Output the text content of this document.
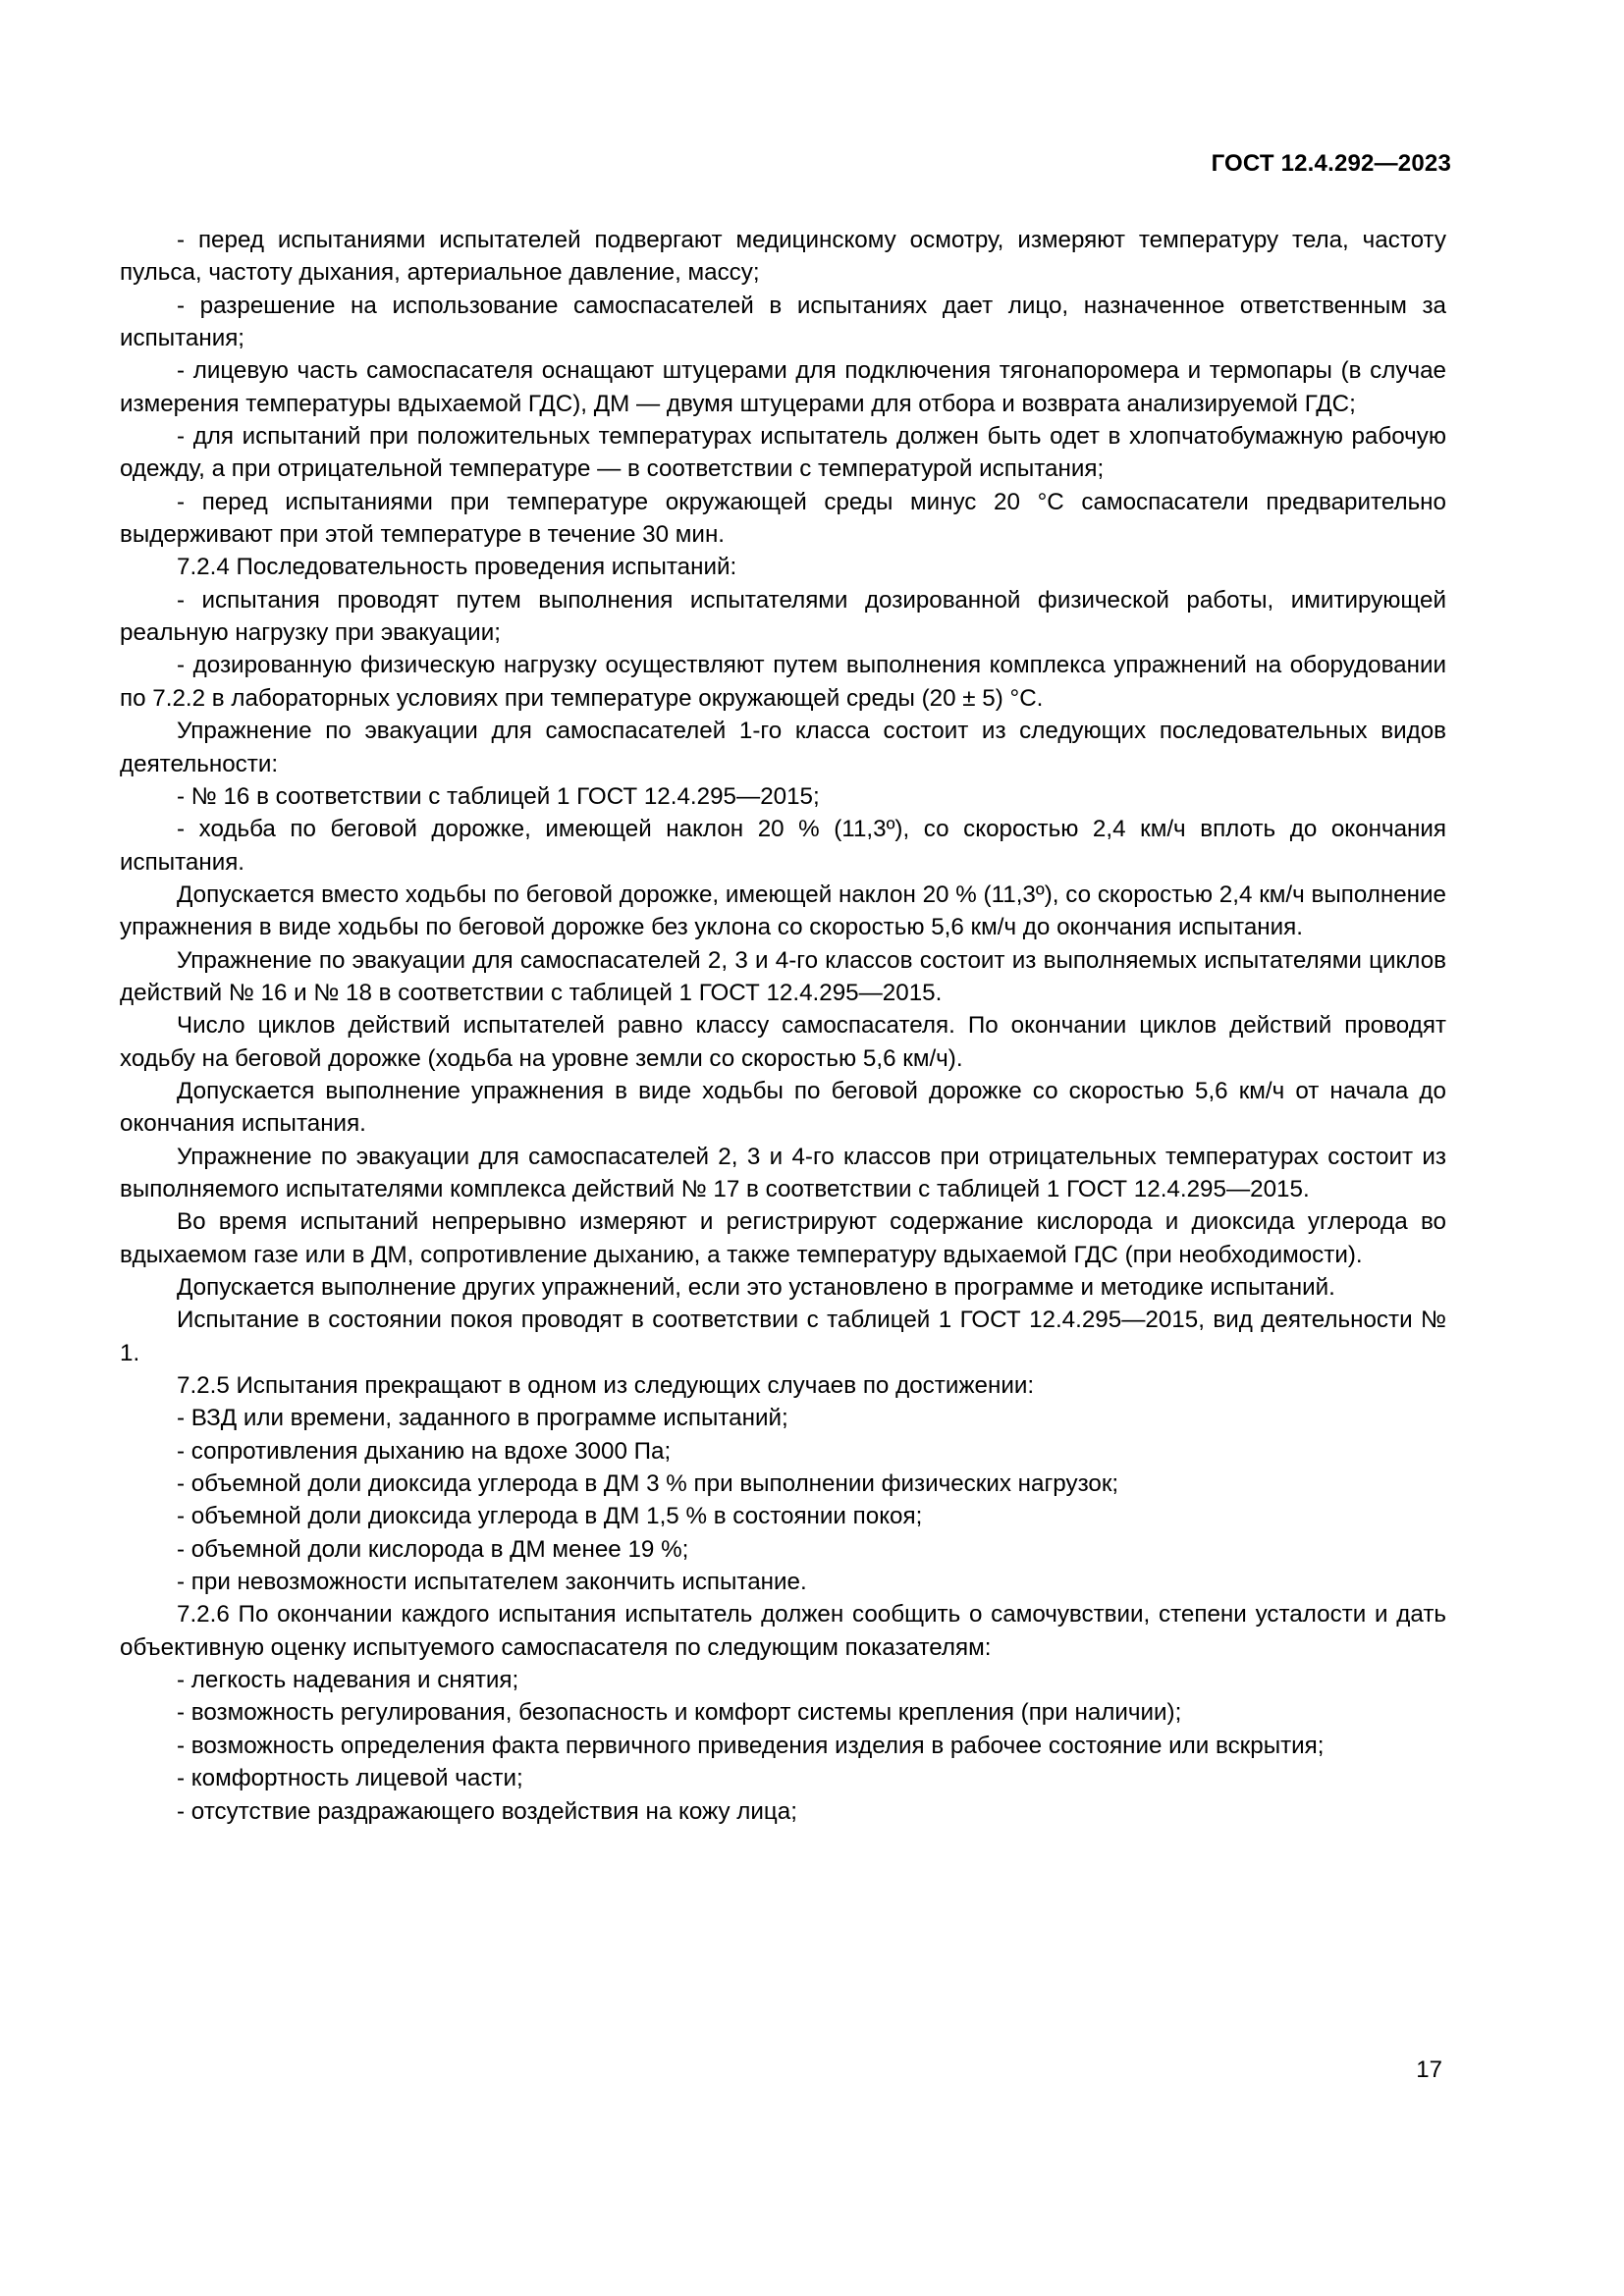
ГОСТ 12.4.292—2023

- перед испытаниями испытателей подвергают медицинскому осмотру, измеряют температуру тела, частоту пульса, частоту дыхания, артериальное давление, массу;

- разрешение на использование самоспасателей в испытаниях дает лицо, назначенное ответственным за испытания;

- лицевую часть самоспасателя оснащают штуцерами для подключения тягонапоромера и термопары (в случае измерения температуры вдыхаемой ГДС), ДМ — двумя штуцерами для отбора и возврата анализируемой ГДС;

- для испытаний при положительных температурах испытатель должен быть одет в хлопчатобумажную рабочую одежду, а при отрицательной температуре — в соответствии с температурой испытания;

- перед испытаниями при температуре окружающей среды минус 20 °С самоспасатели предварительно выдерживают при этой температуре в течение 30 мин.

7.2.4 Последовательность проведения испытаний:

- испытания проводят путем выполнения испытателями дозированной физической работы, имитирующей реальную нагрузку при эвакуации;

- дозированную физическую нагрузку осуществляют путем выполнения комплекса упражнений на оборудовании по 7.2.2 в лабораторных условиях при температуре окружающей среды (20 ± 5) °С.

Упражнение по эвакуации для самоспасателей 1-го класса состоит из следующих последовательных видов деятельности:

- № 16 в соответствии с таблицей 1 ГОСТ 12.4.295—2015;

- ходьба по беговой дорожке, имеющей наклон 20 % (11,3º), со скоростью 2,4 км/ч вплоть до окончания испытания.

Допускается вместо ходьбы по беговой дорожке, имеющей наклон 20 % (11,3º), со скоростью 2,4 км/ч выполнение упражнения в виде ходьбы по беговой дорожке без уклона со скоростью 5,6 км/ч до окончания испытания.

Упражнение по эвакуации для самоспасателей 2, 3 и 4-го классов состоит из выполняемых испытателями циклов действий № 16 и № 18 в соответствии с таблицей 1 ГОСТ 12.4.295—2015.

Число циклов действий испытателей равно классу самоспасателя. По окончании циклов действий проводят ходьбу на беговой дорожке (ходьба на уровне земли со скоростью 5,6 км/ч).

Допускается выполнение упражнения в виде ходьбы по беговой дорожке со скоростью 5,6 км/ч от начала до окончания испытания.

Упражнение по эвакуации для самоспасателей 2, 3 и 4-го классов при отрицательных температурах состоит из выполняемого испытателями комплекса действий № 17 в соответствии с таблицей 1 ГОСТ 12.4.295—2015.

Во время испытаний непрерывно измеряют и регистрируют содержание кислорода и диоксида углерода во вдыхаемом газе или в ДМ, сопротивление дыханию, а также температуру вдыхаемой ГДС (при необходимости).

Допускается выполнение других упражнений, если это установлено в программе и методике испытаний.

Испытание в состоянии покоя проводят в соответствии с таблицей 1 ГОСТ 12.4.295—2015, вид деятельности № 1.

7.2.5 Испытания прекращают в одном из следующих случаев по достижении:

- ВЗД или времени, заданного в программе испытаний;

- сопротивления дыханию на вдохе 3000 Па;

- объемной доли диоксида углерода в ДМ 3 % при выполнении физических нагрузок;

- объемной доли диоксида углерода в ДМ 1,5 % в состоянии покоя;

- объемной доли кислорода в ДМ менее 19 %;

- при невозможности испытателем закончить испытание.

7.2.6 По окончании каждого испытания испытатель должен сообщить о самочувствии, степени усталости и дать объективную оценку испытуемого самоспасателя по следующим показателям:

- легкость надевания и снятия;

- возможность регулирования, безопасность и комфорт системы крепления (при наличии);

- возможность определения факта первичного приведения изделия в рабочее состояние или вскрытия;

- комфортность лицевой части;

- отсутствие раздражающего воздействия на кожу лица;

17
